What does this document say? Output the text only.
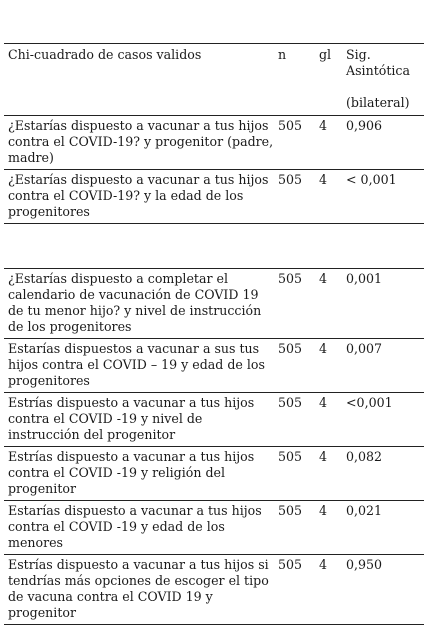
Chi-cuadrado de casos validos	n	gl	Sig.
Asintótica

(bilateral)
¿Estarías dispuesto a vacunar a tus hijos contra el COVID-19? y progenitor (padre, madre)	505	4	0,906
¿Estarías dispuesto a vacunar a tus hijos contra el COVID-19? y la edad de los progenitores	505	4	< 0,001

¿Estarías dispuesto a completar el calendario de vacunación de COVID 19 de tu menor hijo? y nivel de instrucción de los progenitores	505	4	0,001
Estarías dispuestos a vacunar a sus tus hijos contra el COVID – 19 y edad de los progenitores	505	4	0,007
Estrías dispuesto a vacunar a tus hijos contra el COVID -19 y nivel de instrucción del progenitor	505	4	<0,001
Estrías dispuesto a vacunar a tus hijos contra el COVID -19 y religión del progenitor	505	4	0,082
Estarías dispuesto a vacunar a tus hijos contra el COVID -19 y edad de los menores	505	4	0,021
Estrías dispuesto a vacunar a tus hijos si tendrías más opciones de escoger el tipo de vacuna contra el COVID 19 y progenitor	505	4	0,950
